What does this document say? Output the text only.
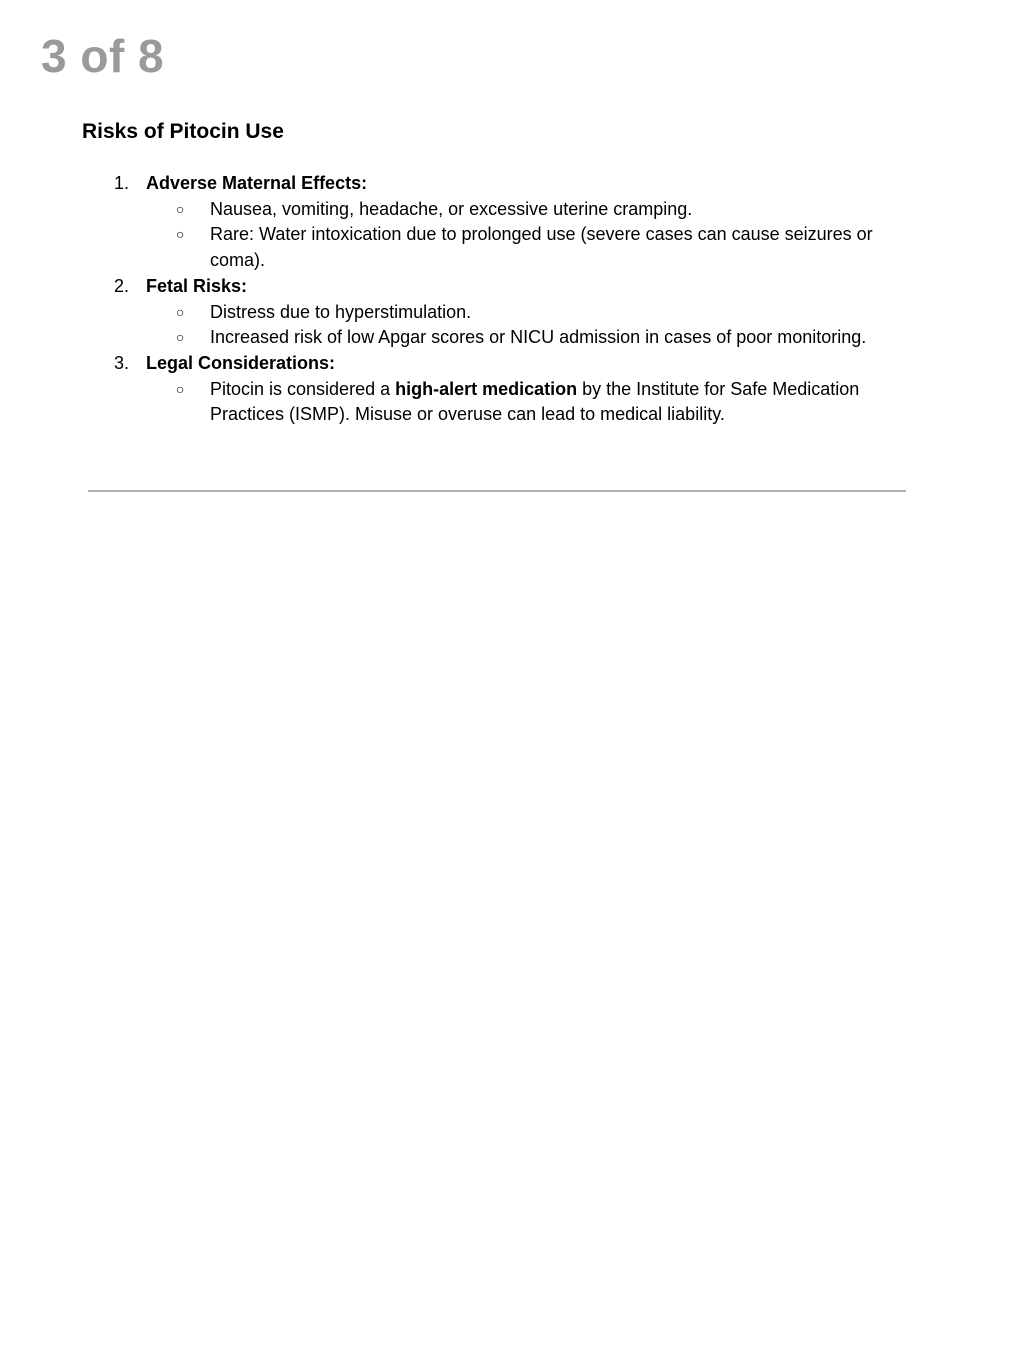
3 of 8
Risks of Pitocin Use
1. Adverse Maternal Effects:
○ Nausea, vomiting, headache, or excessive uterine cramping.
○ Rare: Water intoxication due to prolonged use (severe cases can cause seizures or coma).
2. Fetal Risks:
○ Distress due to hyperstimulation.
○ Increased risk of low Apgar scores or NICU admission in cases of poor monitoring.
3. Legal Considerations:
○ Pitocin is considered a high-alert medication by the Institute for Safe Medication Practices (ISMP). Misuse or overuse can lead to medical liability.
